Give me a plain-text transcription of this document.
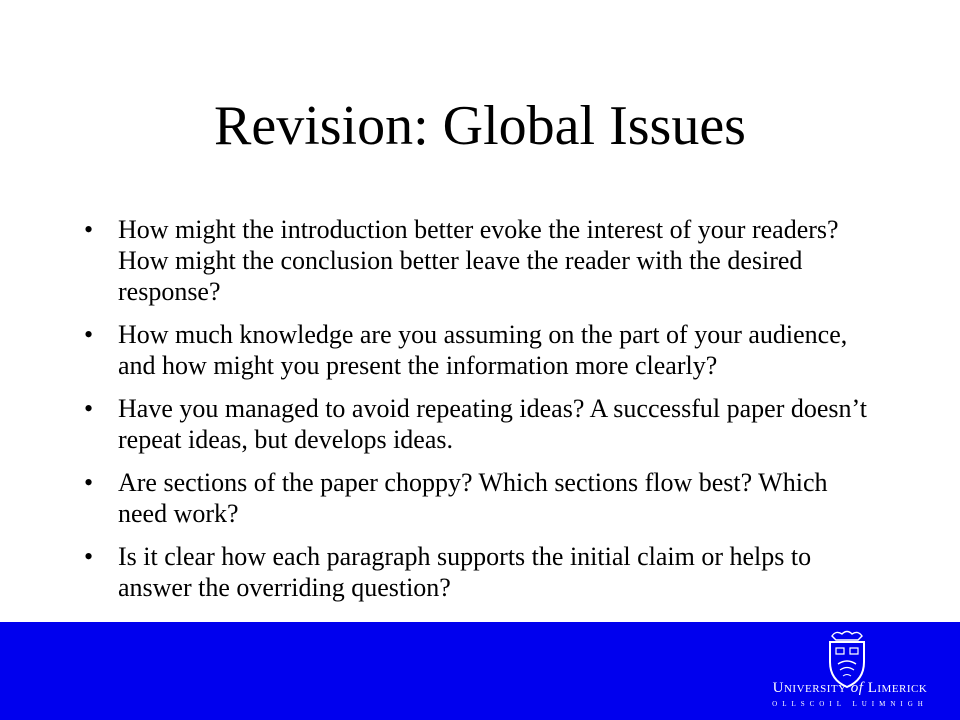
Revision: Global Issues
• How might the introduction better evoke the interest of your readers? How might the conclusion better leave the reader with the desired response?
• How much knowledge are you assuming on the part of your audience, and how might you present the information more clearly?
• Have you managed to avoid repeating ideas? A successful paper doesn’t repeat ideas, but develops ideas.
• Are sections of the paper choppy? Which sections flow best? Which need work?
• Is it clear how each paragraph supports the initial claim or helps to answer the overriding question?
University of Limerick
OLLSCOIL LUIMNIGH
